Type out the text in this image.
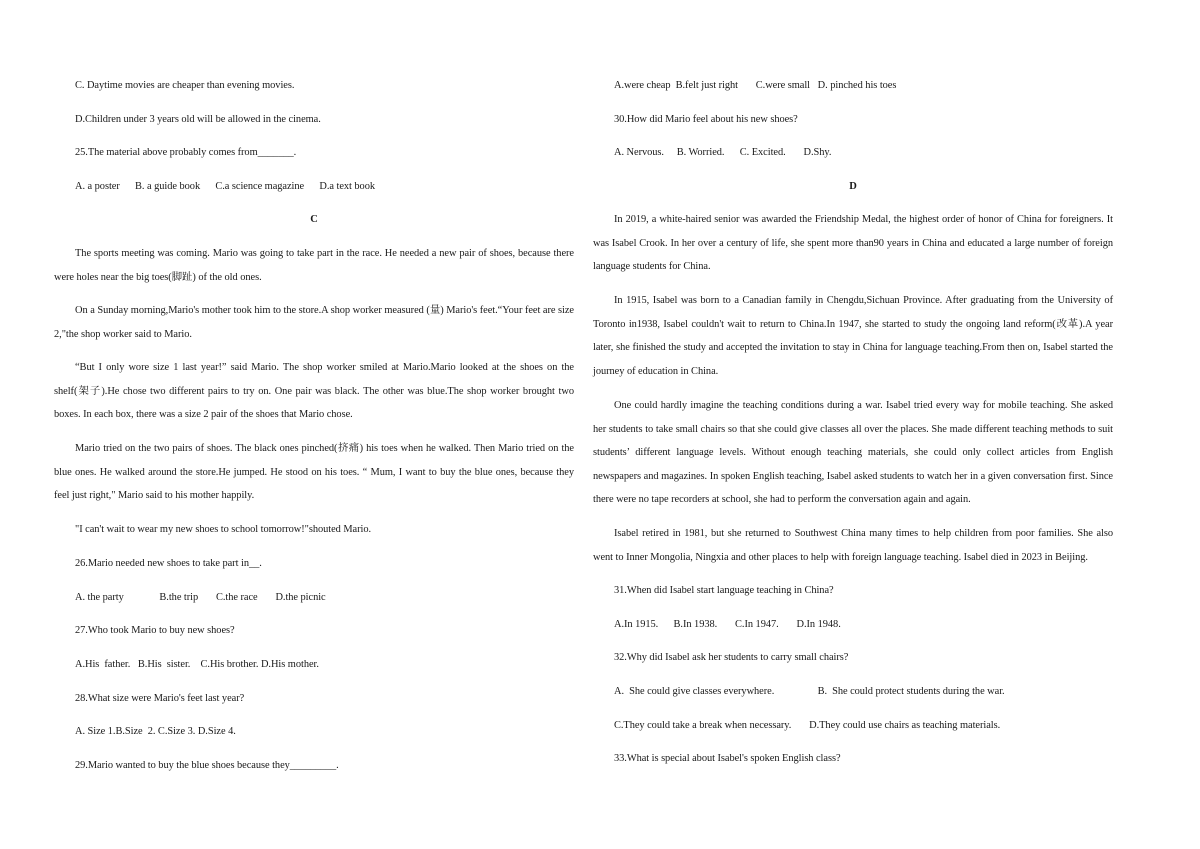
C. Daytime movies are cheaper than evening movies.
D.Children under 3 years old will be allowed in the cinema.
25.The material above probably comes from_______.
A. a poster      B. a guide book      C.a science magazine      D.a text book
C
The sports meeting was coming. Mario was going to take part in the race. He needed a new pair of shoes, because there were holes near the big toes(脚趾) of the old ones.
On a Sunday morning,Mario's mother took him to the store.A shop worker measured (量) Mario's feet.“Your feet are size 2,"the shop worker said to Mario.
“But I only wore size 1 last year!” said Mario. The shop worker smiled at Mario.Mario looked at the shoes on the shelf(架子).He chose two different pairs to try on. One pair was black. The other was blue.The shop worker brought two boxes. In each box, there was a size 2 pair of the shoes that Mario chose.
Mario tried on the two pairs of shoes. The black ones pinched(挤痛) his toes when he walked. Then Mario tried on the blue ones. He walked around the store.He jumped. He stood on his toes. “ Mum, I want to buy the blue ones, because they feel just right," Mario said to his mother happily.
"I can't wait to wear my new shoes to school tomorrow!"shouted Mario.
26.Mario needed new shoes to take part in__.
A. the party              B.the trip       C.the race       D.the picnic
27.Who took Mario to buy new shoes?
A.His  father.   B.His  sister.    C.His brother. D.His mother.
28.What size were Mario's feet last year?
A. Size 1.B.Size  2. C.Size 3. D.Size 4.
29.Mario wanted to buy the blue shoes because they_________.
A.were cheap  B.felt just right       C.were small   D. pinched his toes
30.How did Mario feel about his new shoes?
A. Nervous.     B. Worried.      C. Excited.       D.Shy.
D
In 2019, a white-haired senior was awarded the Friendship Medal, the highest order of honor of China for foreigners. It was Isabel Crook. In her over a century of life, she spent more than90 years in China and educated a large number of foreign language students for China.
In 1915, Isabel was born to a Canadian family in Chengdu,Sichuan Province. After graduating from the University of Toronto in1938, Isabel couldn't wait to return to China.In 1947, she started to study the ongoing land reform(改革).A year later, she finished the study and accepted the invitation to stay in China for language teaching.From then on, Isabel started the journey of education in China.
One could hardly imagine the teaching conditions during a war. Isabel tried every way for mobile teaching. She asked her students to take small chairs so that she could give classes all over the places. She made different teaching methods to suit students’ different language levels. Without enough teaching materials, she could only collect articles from English newspapers and magazines. In spoken English teaching, Isabel asked students to watch her in a given conversation first. Since there were no tape recorders at school, she had to perform the conversation again and again.
Isabel retired in 1981, but she returned to Southwest China many times to help children from poor families. She also went to Inner Mongolia, Ningxia and other places to help with foreign language teaching. Isabel died in 2023 in Beijing.
31.When did Isabel start language teaching in China?
A.In 1915.      B.In 1938.       C.In 1947.       D.In 1948.
32.Why did Isabel ask her students to carry small chairs?
A.  She could give classes everywhere.                 B.  She could protect students during the war.
C.They could take a break when necessary.       D.They could use chairs as teaching materials.
33.What is special about Isabel's spoken English class?
